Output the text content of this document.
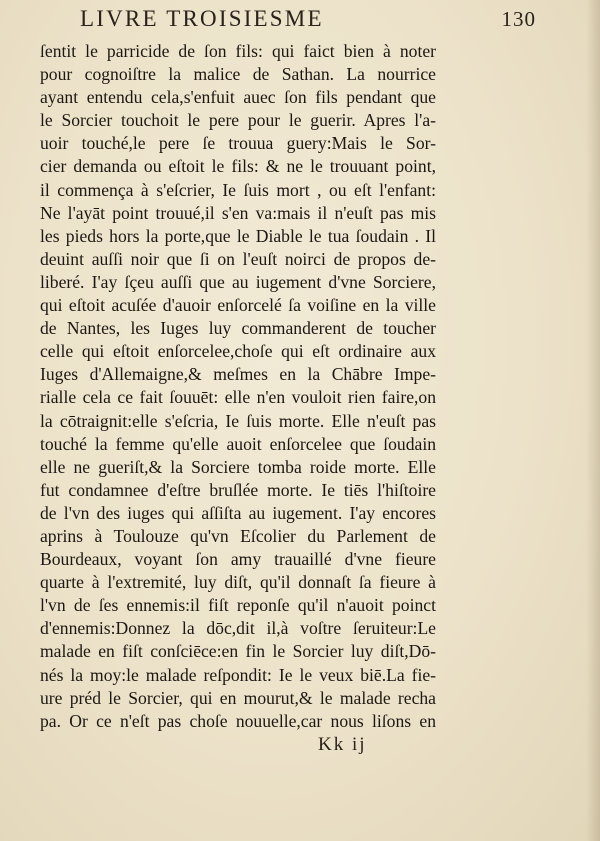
LIVRE TROISIESME	130
ſentit le parricide de ſon fils: qui faict bien à noter
pour cognoiſtre la malice de Sathan. La nourrice
ayant entendu cela,s'enfuit auec ſon fils pendant que
le Sorcier touchoit le pere pour le guerir. Apres l'a-
uoir touché,le pere ſe trouua guery:Mais le Sor-
cier demanda ou eſtoit le fils: & ne le trouuant point,
il commença à s'eſcrier, Ie ſuis mort , ou eſt l'enfant:
Ne l'ayāt point trouué,il s'en va:mais il n'euſt pas mis
les pieds hors la porte,que le Diable le tua ſoudain . Il
deuint auſſi noir que ſi on l'euſt noirci de propos de-
liberé. I'ay ſçeu auſſi que au iugement d'vne Sorciere,
qui eſtoit acuſée d'auoir enſorcelé ſa voiſine en la ville
de Nantes, les Iuges luy commanderent de toucher
celle qui eſtoit enſorcelee,choſe qui eſt ordinaire aux
Iuges d'Allemaigne,& meſmes en la Chābre Impe-
rialle cela ce fait ſouuēt: elle n'en vouloit rien faire,on
la cōtraignit:elle s'eſcria, Ie ſuis morte. Elle n'euſt pas
touché la femme qu'elle auoit enſorcelee que ſoudain
elle ne gueriſt,& la Sorciere tomba roide morte. Elle
fut condamnee d'eſtre bruſlée morte. Ie tiēs l'hiſtoire
de l'vn des iuges qui aſſiſta au iugement. I'ay encores
aprins à Toulouze qu'vn Eſcolier du Parlement de
Bourdeaux, voyant ſon amy trauaillé d'vne fieure
quarte à l'extremité, luy diſt, qu'il donnaſt ſa fieure à
l'vn de ſes ennemis:il fiſt reponſe qu'il n'auoit poinct
d'ennemis:Donnez la dōc,dit il,à voſtre ſeruiteur:Le
malade en fiſt conſciēce:en fin le Sorcier luy diſt,Dō-
nés la moy:le malade reſpondit: Ie le veux biē.La fie-
ure préd le Sorcier, qui en mourut,& le malade recha
pa. Or ce n'eſt pas choſe nouuelle,car nous liſons en
Kk ij
